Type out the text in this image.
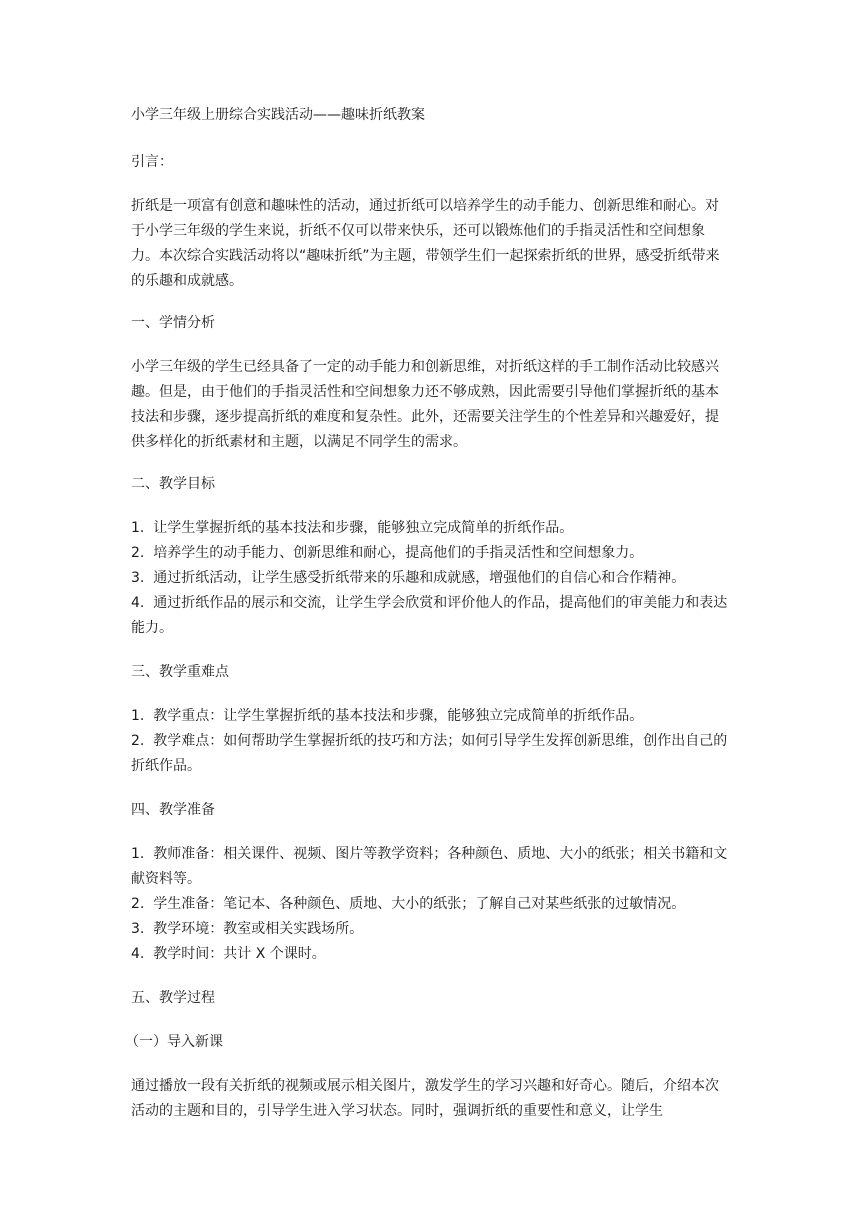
小学三年级上册综合实践活动——趣味折纸教案

引言：

折纸是一项富有创意和趣味性的活动，通过折纸可以培养学生的动手能力、创新思维和耐心。对于小学三年级的学生来说，折纸不仅可以带来快乐，还可以锻炼他们的手指灵活性和空间想象力。本次综合实践活动将以“趣味折纸”为主题，带领学生们一起探索折纸的世界，感受折纸带来的乐趣和成就感。

一、学情分析

小学三年级的学生已经具备了一定的动手能力和创新思维，对折纸这样的手工制作活动比较感兴趣。但是，由于他们的手指灵活性和空间想象力还不够成熟，因此需要引导他们掌握折纸的基本技法和步骤，逐步提高折纸的难度和复杂性。此外，还需要关注学生的个性差异和兴趣爱好，提供多样化的折纸素材和主题，以满足不同学生的需求。

二、教学目标

1.  让学生掌握折纸的基本技法和步骤，能够独立完成简单的折纸作品。

2.  培养学生的动手能力、创新思维和耐心，提高他们的手指灵活性和空间想象力。

3.  通过折纸活动，让学生感受折纸带来的乐趣和成就感，增强他们的自信心和合作精神。

4.  通过折纸作品的展示和交流，让学生学会欣赏和评价他人的作品，提高他们的审美能力和表达能力。

三、教学重难点

1.  教学重点：让学生掌握折纸的基本技法和步骤，能够独立完成简单的折纸作品。

2.  教学难点：如何帮助学生掌握折纸的技巧和方法；如何引导学生发挥创新思维，创作出自己的折纸作品。

四、教学准备

1.  教师准备：相关课件、视频、图片等教学资料；各种颜色、质地、大小的纸张；相关书籍和文献资料等。

2.  学生准备：笔记本、各种颜色、质地、大小的纸张；了解自己对某些纸张的过敏情况。

3.  教学环境：教室或相关实践场所。

4.  教学时间：共计 X 个课时。

五、教学过程

（一）导入新课

通过播放一段有关折纸的视频或展示相关图片，激发学生的学习兴趣和好奇心。随后，介绍本次活动的主题和目的，引导学生进入学习状态。同时，强调折纸的重要性和意义，让学生
